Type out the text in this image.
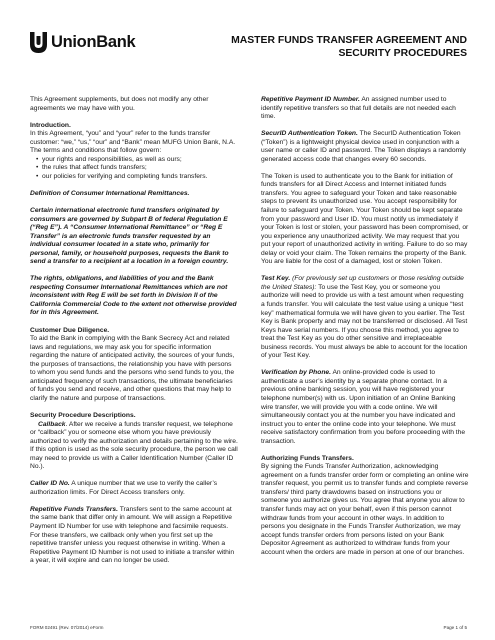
UnionBank	MASTER FUNDS TRANSFER AGREEMENT AND
SECURITY PROCEDURES

This Agreement supplements, but does not modify any other agreements we may have with you.

Introduction.
In this Agreement, “you” and “your” refer to the funds transfer customer: “we,” “us,” “our” and “Bank” mean MUFG Union Bank, N.A. The terms and conditions that follow govern:
• your rights and responsibilities, as well as ours;
• the rules that affect funds transfers;
• our policies for verifying and completing funds transfers.
Definition of Consumer International Remittances.

Certain international electronic fund transfers originated by consumers are governed by Subpart B of federal Regulation E (“Reg E”). A “Consumer International Remittance” or “Reg E Transfer” is an electronic funds transfer requested by an individual consumer located in a state who, primarily for personal, family, or household purposes, requests the Bank to send a transfer to a recipient at a location in a foreign country.

The rights, obligations, and liabilities of you and the Bank respecting Consumer International Remittances which are not inconsistent with Reg E will be set forth in Division II of the California Commercial Code to the extent not otherwise provided for in this Agreement.

Customer Due Diligence.
To aid the Bank in complying with the Bank Secrecy Act and related laws and regulations, we may ask you for specific information regarding the nature of anticipated activity, the sources of your funds, the purposes of transactions, the relationship you have with persons to whom you send funds and the persons who send funds to you, the anticipated frequency of such transactions, the ultimate beneficiaries of funds you send and receive, and other questions that may help to clarify the nature and purpose of transactions.
Security Procedure Descriptions.
Callback. After we receive a funds transfer request, we telephone or “callback” you or someone else whom you have previously authorized to verify the authorization and details pertaining to the wire. If this option is used as the sole security procedure, the person we call may need to provide us with a Caller Identification Number (Caller ID No.).

Caller ID No. A unique number that we use to verify the caller’s authorization limits. For Direct Access transfers only.

Repetitive Funds Transfers. Transfers sent to the same account at the same bank that differ only in amount. We will assign a Repetitive Payment ID Number for use with telephone and facsimile requests. For these transfers, we callback only when you first set up the repetitive transfer unless you request otherwise in writing. When a Repetitive Payment ID Number is not used to initiate a transfer within a year, it will expire and can no longer be used.

Repetitive Payment ID Number. An assigned number used to identify repetitive transfers so that full details are not needed each time.

SecurID Authentication Token. The SecurID Authentication Token (“Token”) is a lightweight physical device used in conjunction with a user name or caller ID and password. The Token displays a randomly generated access code that changes every 60 seconds.

The Token is used to authenticate you to the Bank for initiation of funds transfers for all Direct Access and Internet initiated funds transfers. You agree to safeguard your Token and take reasonable steps to prevent its unauthorized use. You accept responsibility for failure to safeguard your Token. Your Token should be kept separate from your password and User ID. You must notify us immediately if your Token is lost or stolen, your password has been compromised, or you experience any unauthorized activity. We may request that you put your report of unauthorized activity in writing. Failure to do so may delay or void your claim. The Token remains the property of the Bank. You are liable for the cost of a damaged, lost or stolen Token.

Test Key. (For previously set up customers or those residing outside the United States): To use the Test Key, you or someone you authorize will need to provide us with a test amount when requesting a funds transfer. You will calculate the test value using a unique “test key” mathematical formula we will have given to you earlier. The Test Key is Bank property and may not be transferred or disclosed. All Test Keys have serial numbers. If you choose this method, you agree to treat the Test Key as you do other sensitive and irreplaceable business records. You must always be able to account for the location of your Test Key.

Verification by Phone. An online-provided code is used to authenticate a user’s identity by a separate phone contact. In a previous online banking session, you will have registered your telephone number(s) with us. Upon initiation of an Online Banking wire transfer, we will provide you with a code online. We will simultaneously contact you at the number you have indicated and instruct you to enter the online code into your telephone. We must receive satisfactory confirmation from you before proceeding with the transaction.

Authorizing Funds Transfers.
By signing the Funds Transfer Authorization, acknowledging agreement on a funds transfer order form or completing an online wire transfer request, you permit us to transfer funds and complete reverse transfers/ third party drawdowns based on instructions you or someone you authorize gives us. You agree that anyone you allow to transfer funds may act on your behalf, even if this person cannot withdraw funds from your account in other ways. In addition to persons you designate in the Funds Transfer Authorization, we may accept funds transfer orders from persons listed on your Bank Depositor Agreement as authorized to withdraw funds from your account when the orders are made in person at one of our branches.
FORM 02491 (Rev. 07/2014) eForm	Page 1 of 5
